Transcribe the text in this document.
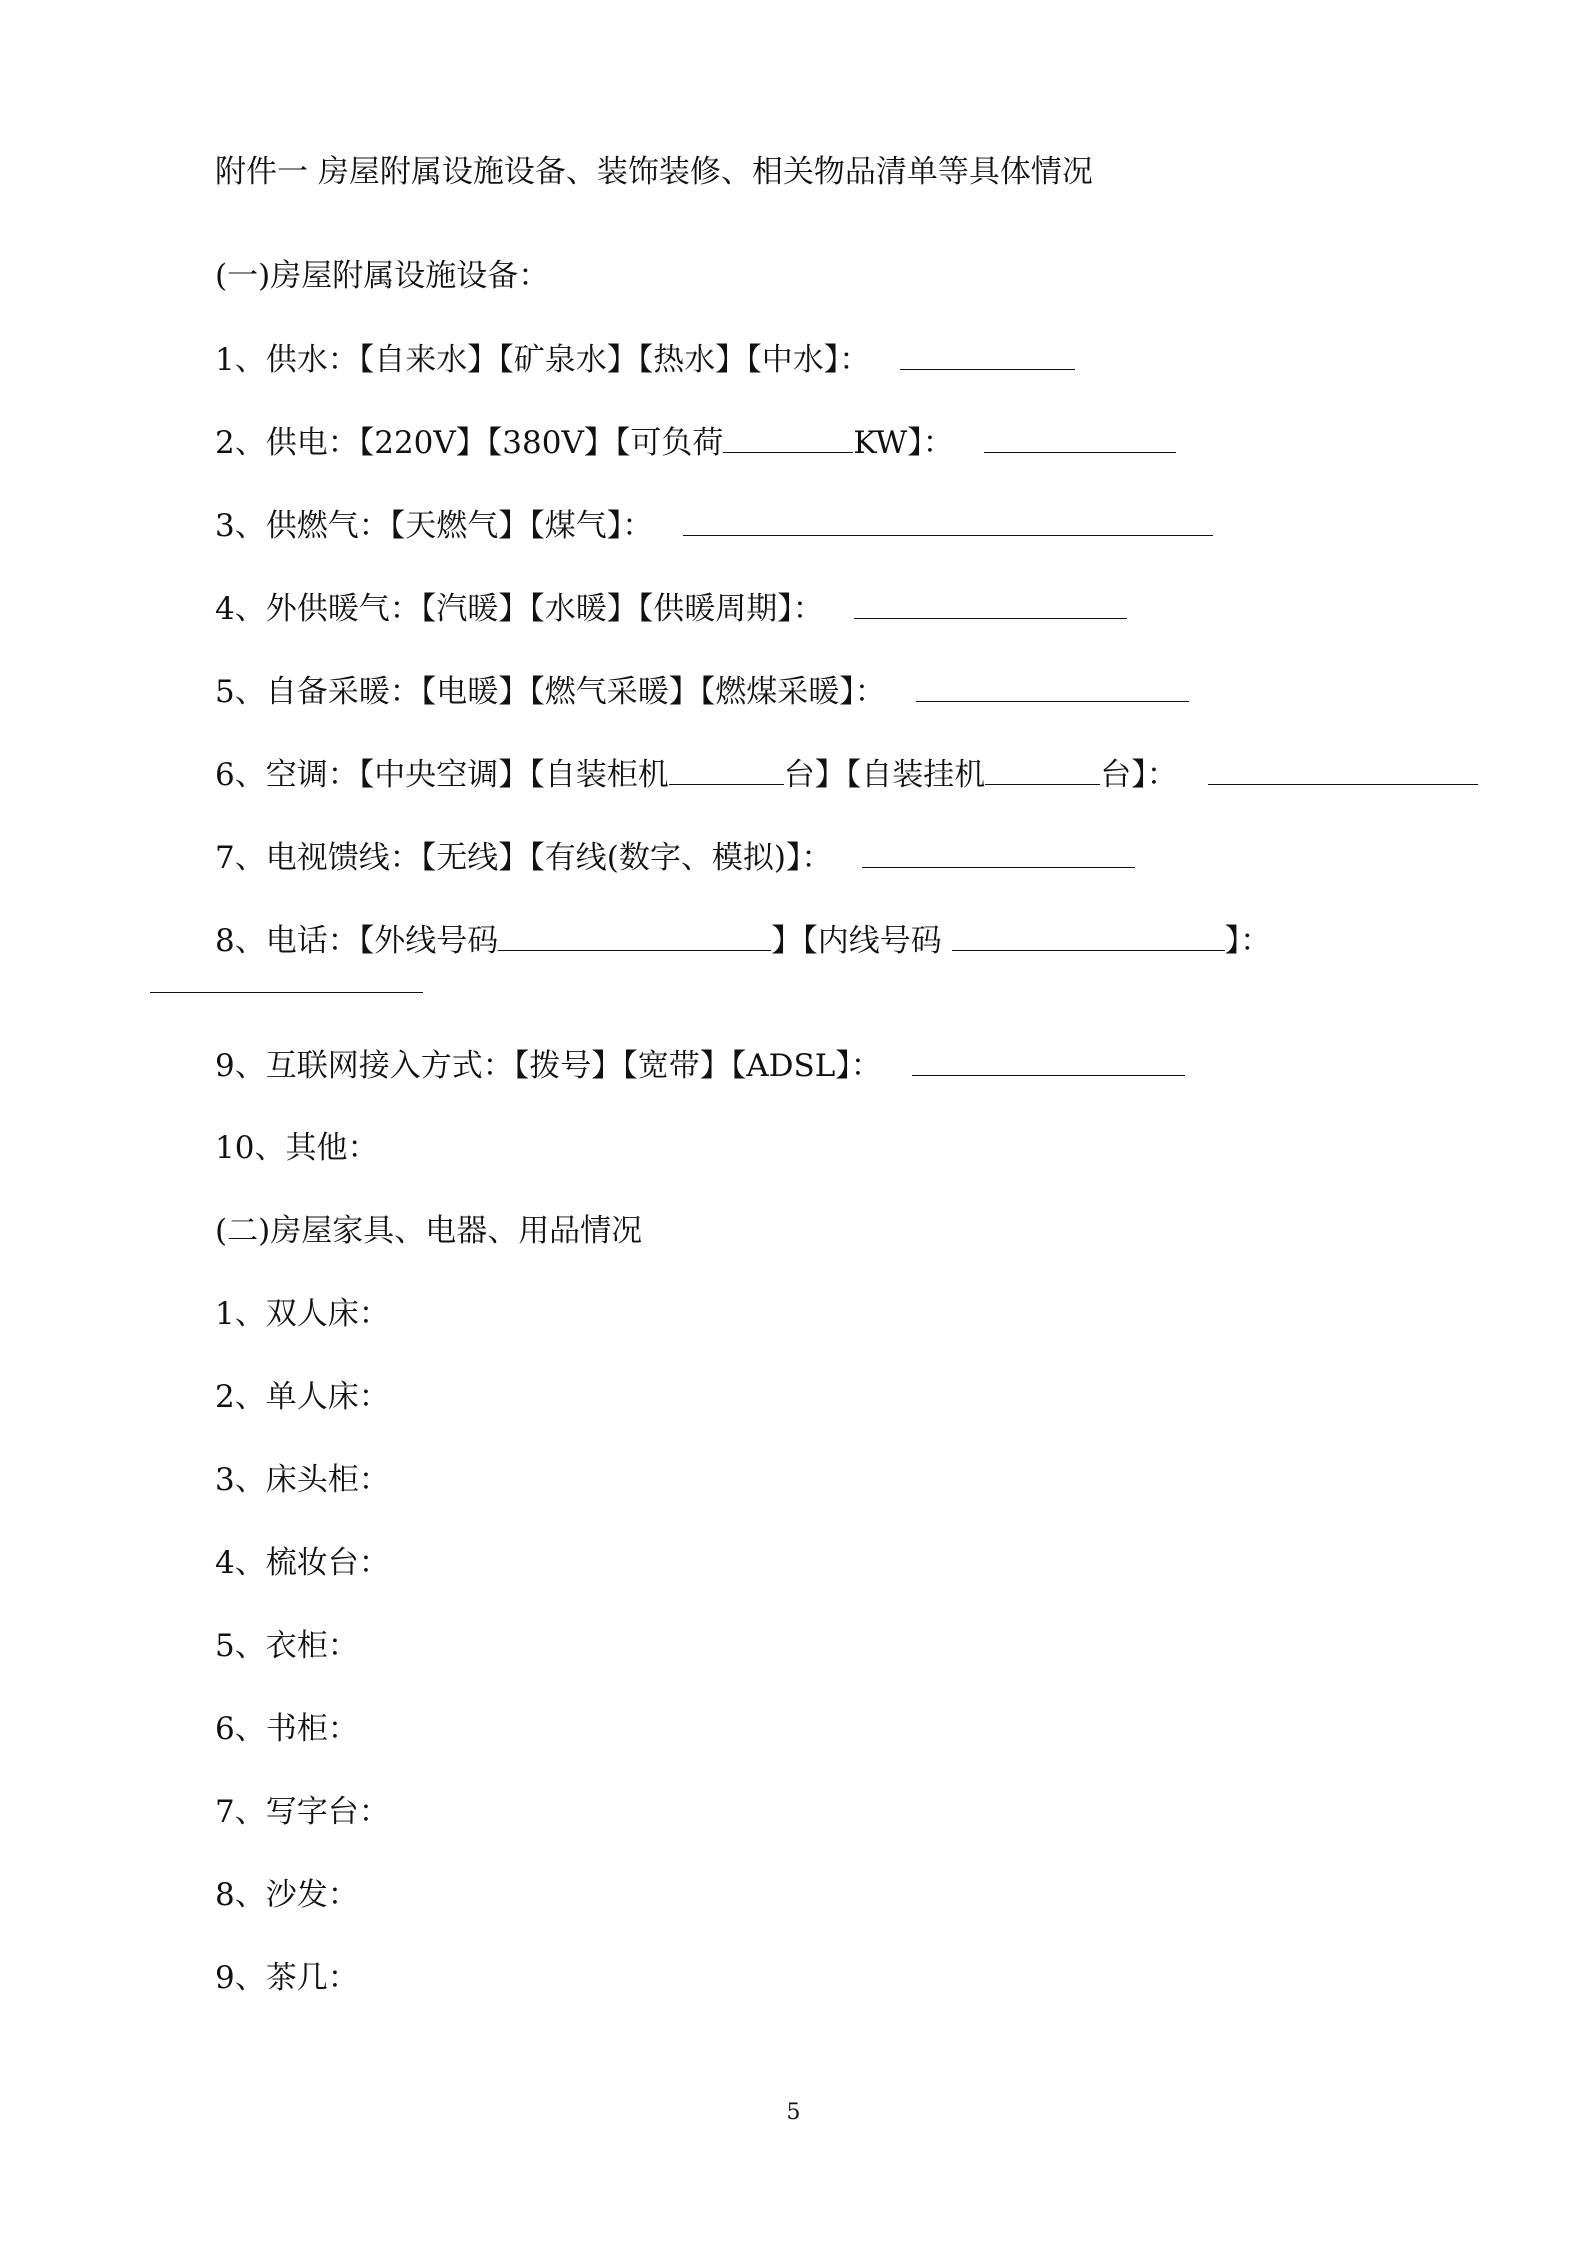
附件一 房屋附属设施设备、装饰装修、相关物品清单等具体情况
(一)房屋附属设施设备：
1、供水：【自来水】【矿泉水】【热水】【中水】：
2、供电：【220V】【380V】【可负荷	KW】：
3、供燃气：【天燃气】【煤气】：
4、外供暖气：【汽暖】【水暖】【供暖周期】：
5、自备采暖：【电暖】【燃气采暖】【燃煤采暖】：
6、空调：【中央空调】【自装柜机	台】【自装挂机	台】：
7、电视馈线：【无线】【有线(数字、模拟)】：
8、电话：【外线号码	】【内线号码	】：
9、互联网接入方式：【拨号】【宽带】【ADSL】：
10、其他：
(二)房屋家具、电器、用品情况
1、双人床：
2、单人床：
3、床头柜：
4、梳妆台：
5、衣柜：
6、书柜：
7、写字台：
8、沙发：
9、茶几：
5
